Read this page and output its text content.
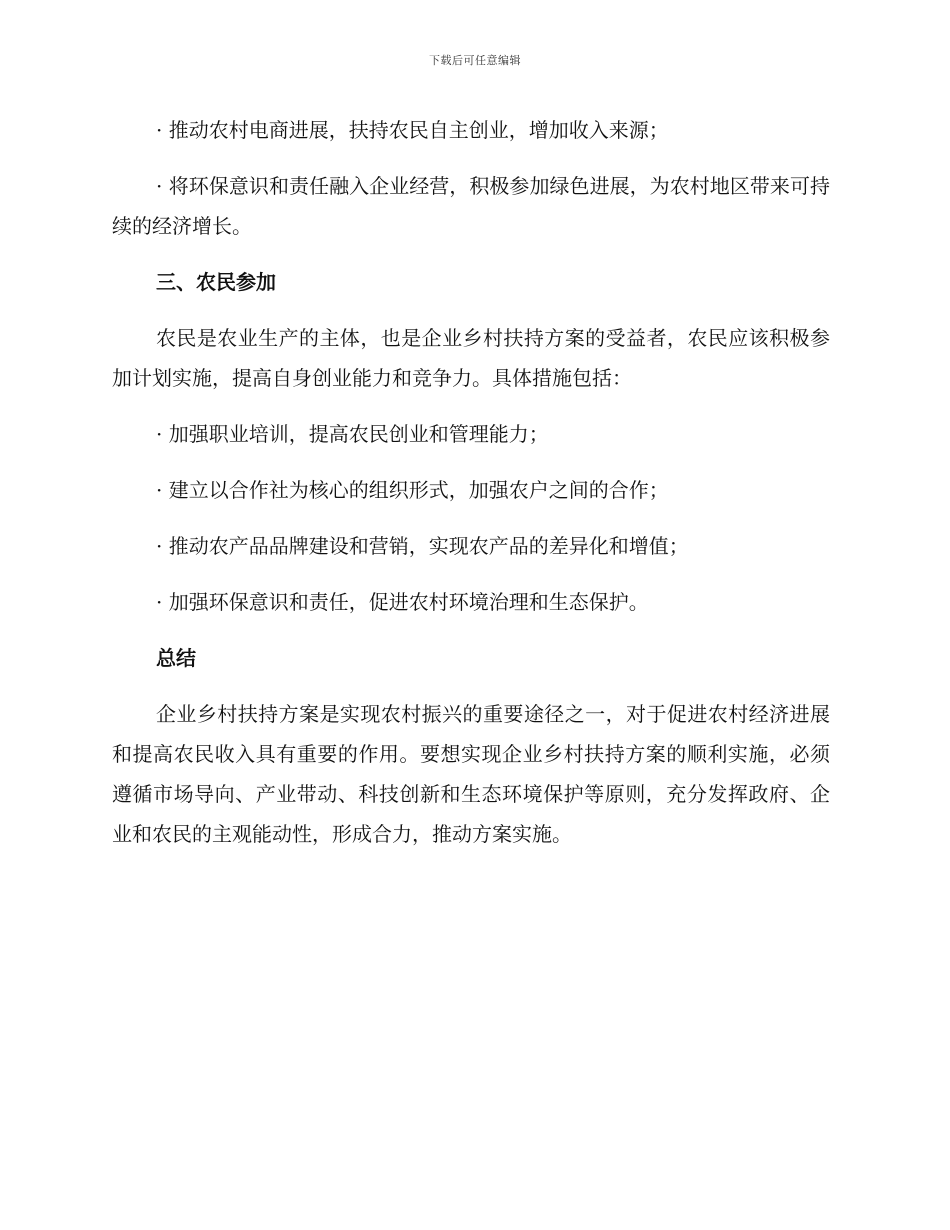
下载后可任意编辑

· 推动农村电商进展，扶持农民自主创业，增加收入来源；

· 将环保意识和责任融入企业经营，积极参加绿色进展，为农村地区带来可持续的经济增长。

三、农民参加

农民是农业生产的主体，也是企业乡村扶持方案的受益者，农民应该积极参加计划实施，提高自身创业能力和竞争力。具体措施包括：

· 加强职业培训，提高农民创业和管理能力；

· 建立以合作社为核心的组织形式，加强农户之间的合作；

· 推动农产品品牌建设和营销，实现农产品的差异化和增值；

· 加强环保意识和责任，促进农村环境治理和生态保护。

总结

企业乡村扶持方案是实现农村振兴的重要途径之一，对于促进农村经济进展和提高农民收入具有重要的作用。要想实现企业乡村扶持方案的顺利实施，必须遵循市场导向、产业带动、科技创新和生态环境保护等原则，充分发挥政府、企业和农民的主观能动性，形成合力，推动方案实施。
